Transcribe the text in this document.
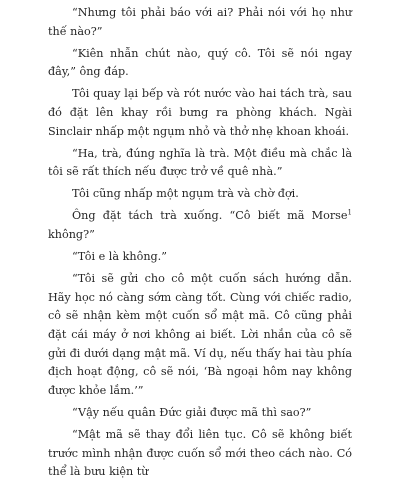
“Nhưng tôi phải báo với ai? Phải nói với họ như thế nào?”

“Kiên nhẫn chút nào, quý cô. Tôi sẽ nói ngay đây,” ông đáp.

Tôi quay lại bếp và rót nước vào hai tách trà, sau đó đặt lên khay rồi bưng ra phòng khách. Ngài Sinclair nhấp một ngụm nhỏ và thở nhẹ khoan khoái.

“Ha, trà, đúng nghĩa là trà. Một điều mà chắc là tôi sẽ rất thích nếu được trở về quê nhà.”

Tôi cũng nhấp một ngụm trà và chờ đợi.

Ông đặt tách trà xuống. “Cô biết mã Morse$^1$ không?”

“Tôi e là không.”

“Tôi sẽ gửi cho cô một cuốn sách hướng dẫn. Hãy học nó càng sớm càng tốt. Cùng với chiếc radio, cô sẽ nhận kèm một cuốn sổ mật mã. Cô cũng phải đặt cái máy ở nơi không ai biết. Lời nhắn của cô sẽ gửi đi dưới dạng mật mã. Ví dụ, nếu thấy hai tàu phía địch hoạt động, cô sẽ nói, ‘Bà ngoại hôm nay không được khỏe lắm.’”

“Vậy nếu quân Đức giải được mã thì sao?”

“Mật mã sẽ thay đổi liên tục. Cô sẽ không biết trước mình nhận được cuốn sổ mới theo cách nào. Có thể là bưu kiện từ
